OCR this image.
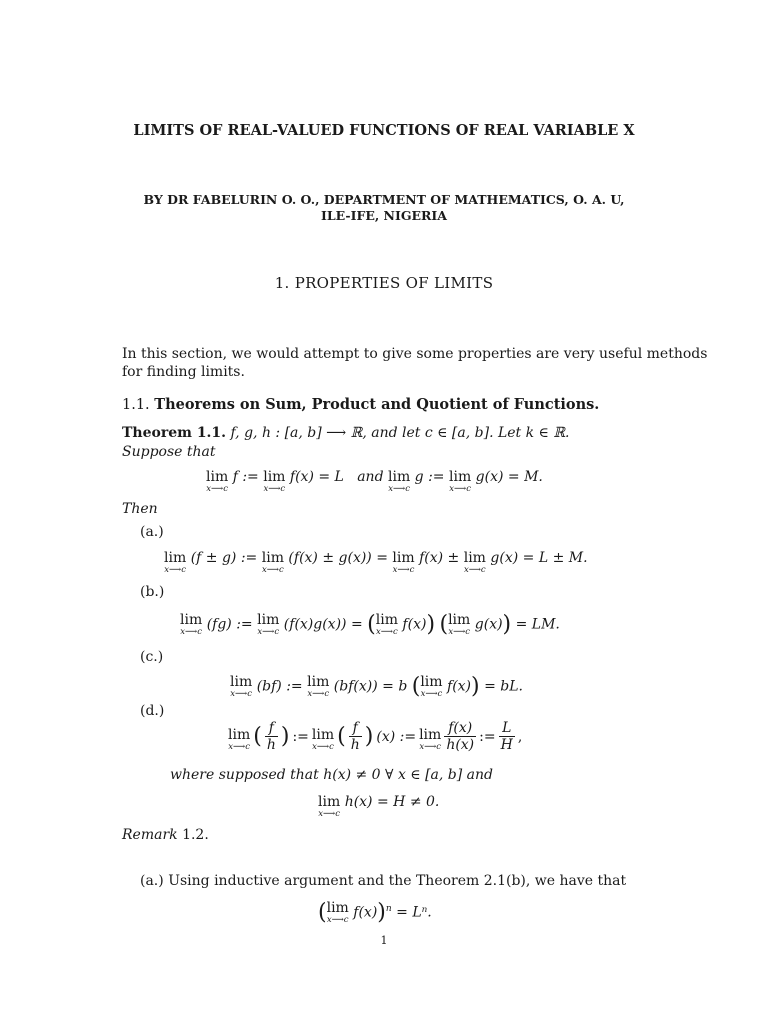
LIMITS OF REAL-VALUED FUNCTIONS OF REAL VARIABLE X
BY DR FABELURIN O. O., DEPARTMENT OF MATHEMATICS, O. A. U,
ILE-IFE, NIGERIA
1. PROPERTIES OF LIMITS
In this section, we would attempt to give some properties are very useful methods
for finding limits.
1.1. Theorems on Sum, Product and Quotient of Functions.
Theorem 1.1. f, g, h : [a, b] ⟶ ℝ, and let c ∈ [a, b]. Let k ∈ ℝ.
Suppose that
lim
x⟶c
f := lim
x⟶c
f(x) = L and lim
x⟶c
g := lim
x⟶c
g(x) = M.
Then
(a.)
lim
x⟶c
(f ± g) := lim
x⟶c
(f(x) ± g(x)) = lim
x⟶c
f(x) ± lim
x⟶c
g(x) = L ± M.
(b.)
lim
x⟶c (fg) := lim
x⟶c (f(x)g(x)) = (lim
x⟶c f(x)) (lim
x⟶c g(x)) = LM.
(c.)
lim
x⟶c (bf) := lim
x⟶c (bf(x)) = b (lim
x⟶c f(x)) = bL.
(d.)
lim
x⟶c ( $\frac{f}{h}$ ) := lim
x⟶c ( $\frac{f}{h}$ ) (x) := lim
x⟶c $\frac{f(x)}{h(x)}$ := $\frac{L}{H}$ ,
where supposed that h(x) ≠ 0 ∀ x ∈ [a, b] and
lim
x⟶c
h(x) = H ≠ 0.
Remark 1.2.
(a.) Using inductive argument and the Theorem 2.1(b), we have that
(lim
x⟶c f(x))$^n$ = Lⁿ.
1
